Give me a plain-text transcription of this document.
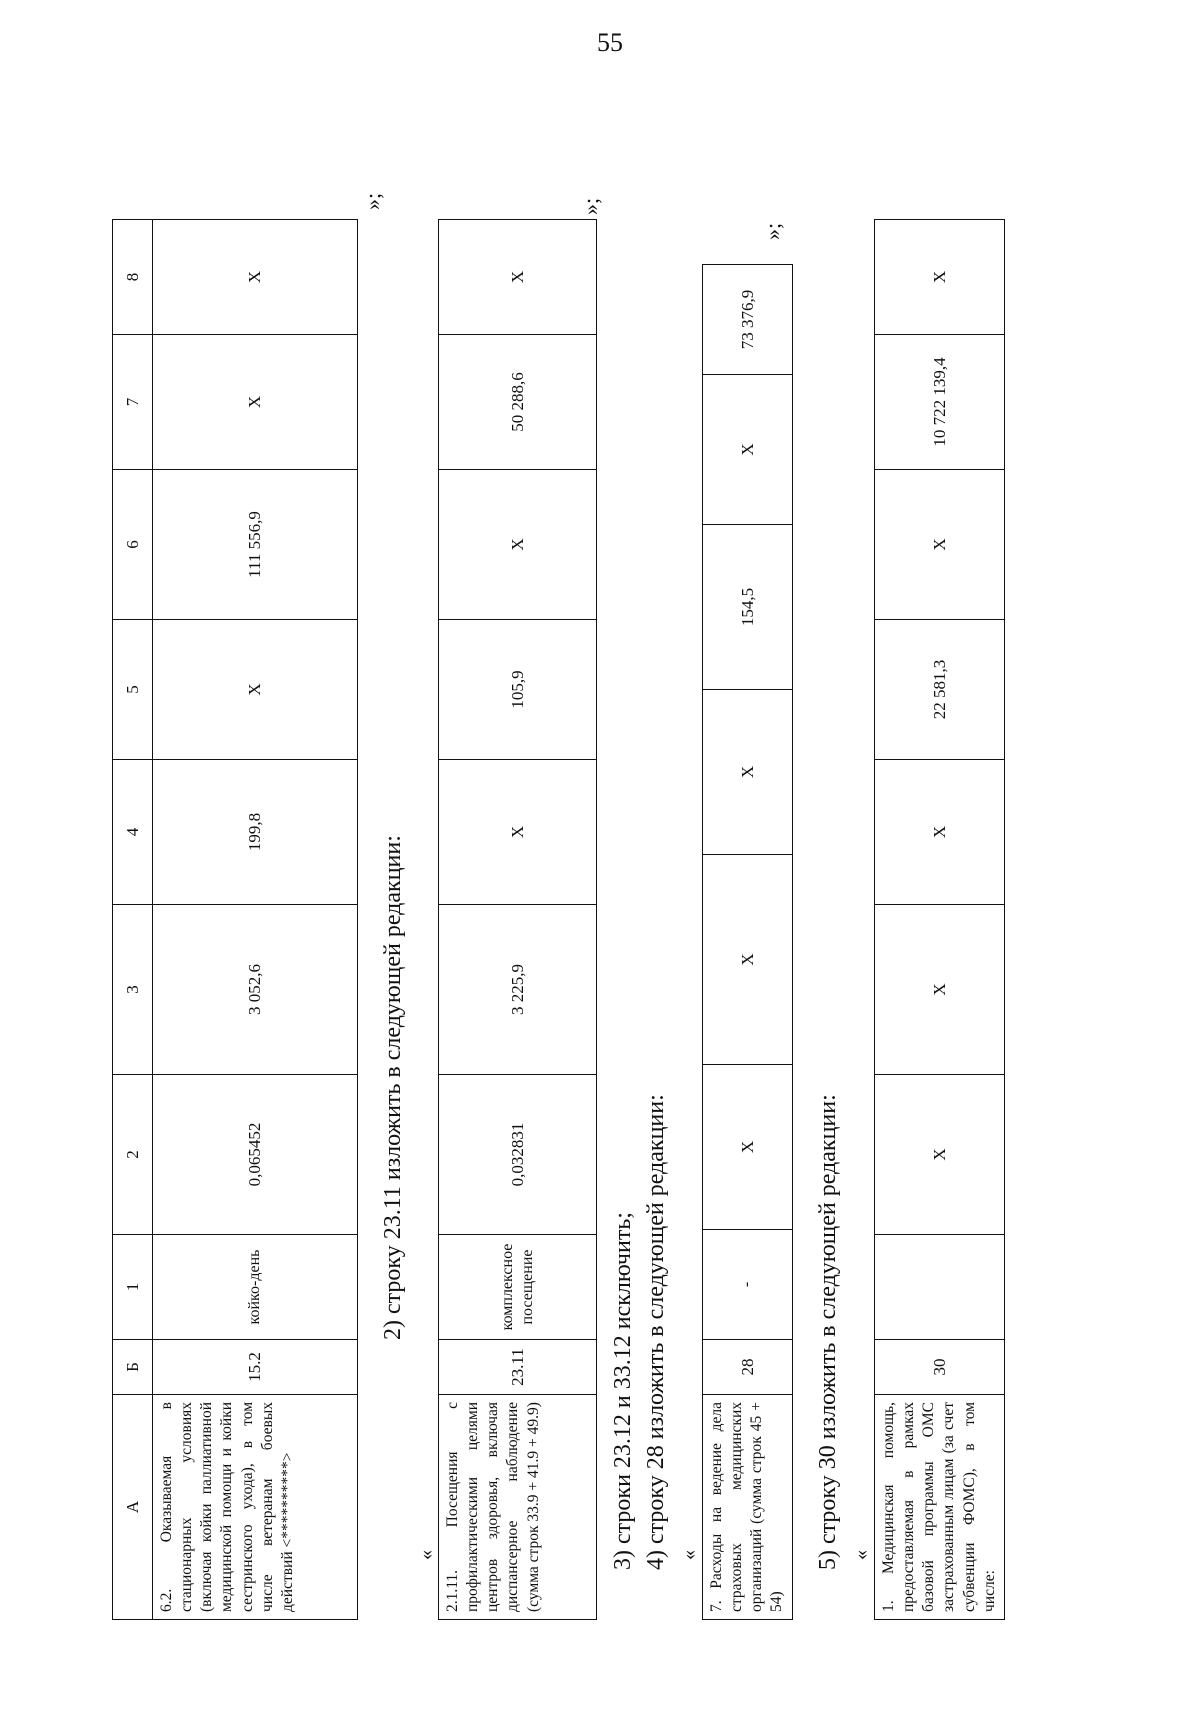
55
А	Б	1	2	3	4	5	6	7	8
6.2. Оказываемая в стационарных условиях (включая койки паллиативной медицинской помощи и койки сестринского ухода), в том числе ветеранам боевых действий <**********>	15.2	койко-день	0,065452	3 052,6	199,8	X	111 556,9	X	X
»;
2) строку 23.11 изложить в следующей редакции:
« 2.1.11. Посещения с профилактическими целями центров здоровья, включая диспансерное наблюдение (сумма строк 33.9 + 41.9 + 49.9)	23.11	комплексное посещение	0,032831	3 225,9	X	105,9	X	50 288,6	X
»;
3) строки 23.12 и 33.12 исключить; 4) строку 28 изложить в следующей редакции: « 7. Расходы на ведение дела страховых медицинских организаций (сумма строк 45 + 54)	28	-	X	X	X	154,5	X	73 376,9
»;
5) строку 30 изложить в следующей редакции: « 1. Медицинская помощь, предоставляемая в рамках базовой программы ОМС застрахованным лицам (за счет субвенции ФОМС), в том числе:	30		X	X	X	22 581,3	X	10 722 139,4	X
